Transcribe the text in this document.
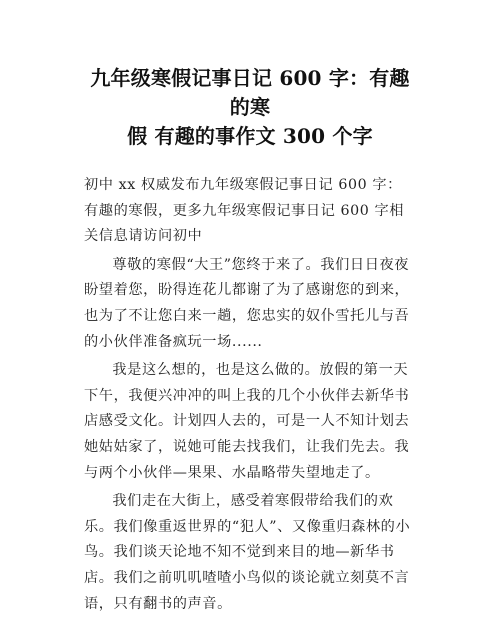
九年级寒假记事日记 600 字：有趣的寒
假 有趣的事作文 300 个字

初中 xx 权威发布九年级寒假记事日记 600 字：有趣的寒假，更多九年级寒假记事日记 600 字相关信息请访问初中

尊敬的寒假“大王”您终于来了。我们日日夜夜盼望着您，盼得连花儿都谢了为了感谢您的到来，也为了不让您白来一趟，您忠实的奴仆雪托儿与吾的小伙伴准备疯玩一场......

我是这么想的，也是这么做的。放假的第一天下午，我便兴冲冲的叫上我的几个小伙伴去新华书店感受文化。计划四人去的，可是一人不知计划去她姑姑家了，说她可能去找我们，让我们先去。我与两个小伙伴—果果、水晶略带失望地走了。

我们走在大街上，感受着寒假带给我们的欢乐。我们像重返世界的“犯人”、又像重归森林的小鸟。我们谈天论地不知不觉到来目的地—新华书店。我们之前叽叽喳喳小鸟似的谈论就立刻莫不言语，只有翻书的声音。
